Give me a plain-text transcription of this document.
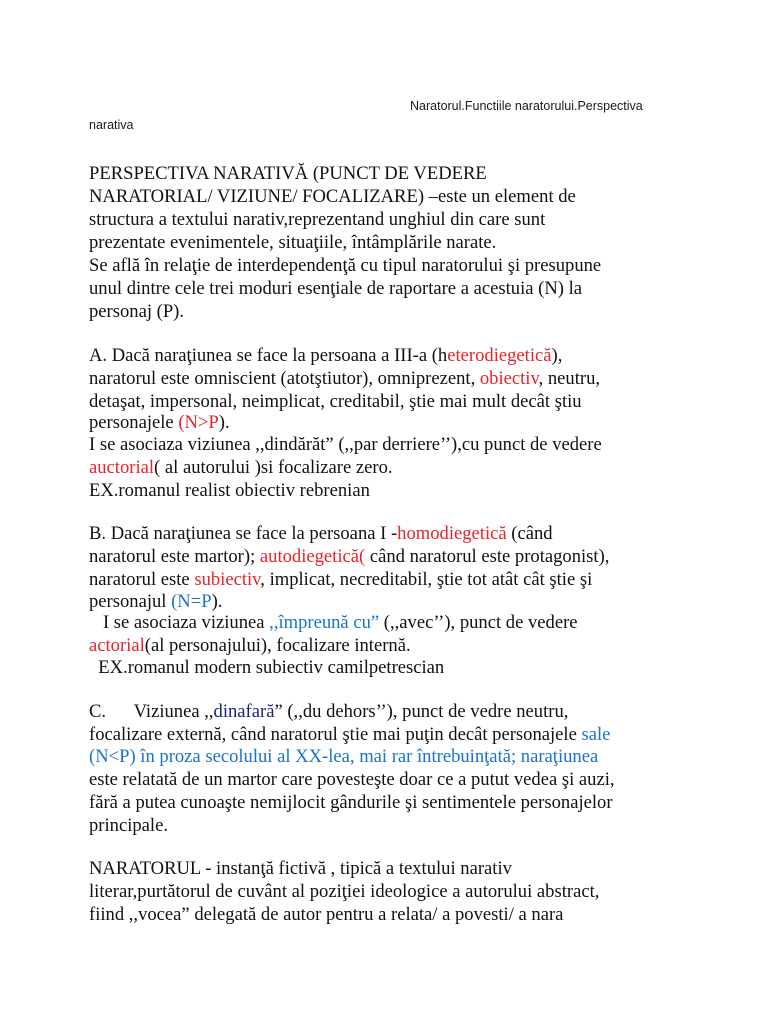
Naratorul.Functiile naratorului.Perspectiva
narativa
PERSPECTIVA NARATIVĂ (PUNCT DE VEDERE
NARATORIAL/ VIZIUNE/ FOCALIZARE) –este un element de
structura a textului narativ,reprezentand unghiul din care sunt
prezentate evenimentele, situaţiile, întâmplările narate.
Se află în relaţie de interdependenţă cu tipul naratorului şi presupune
unul dintre cele trei moduri esenţiale de raportare a acestuia (N) la
personaj (P).
A. Dacă naraţiunea se face la persoana a III-a (heterodiegetică),
naratorul este omniscient (atotştiutor), omniprezent, obiectiv, neutru,
detaşat, impersonal, neimplicat, creditabil, ştie mai mult decât ştiu
personajele (N>P).
I se asociaza viziunea ,,dindărăt” (,,par derriere’’),cu punct de vedere
auctorial( al autorului )si focalizare zero.
EX.romanul realist obiectiv rebrenian
B. Dacă naraţiunea se face la persoana I -homodiegetică (când
naratorul este martor); autodiegetică( când naratorul este protagonist),
naratorul este subiectiv, implicat, necreditabil, ştie tot atât cât ştie şi
personajul (N=P).
I se asociaza viziunea ,,împreună cu” (,,avec’’), punct de vedere
actorial(al personajului), focalizare internă.
EX.romanul modern subiectiv camilpetrescian
C.      Viziunea ,,dinafară” (,,du dehors’’), punct de vedre neutru,
focalizare externă, când naratorul ştie mai puţin decât personajele sale
(N<P) în proza secolului al XX-lea, mai rar întrebuinţată; naraţiunea
este relatată de un martor care povesteşte doar ce a putut vedea şi auzi,
fără a putea cunoaşte nemijlocit gândurile şi sentimentele personajelor
principale.
NARATORUL - instanţă fictivă , tipică a textului narativ
literar,purtătorul de cuvânt al poziţiei ideologice a autorului abstract,
fiind ,,vocea” delegată de autor pentru a relata/ a povesti/ a nara
